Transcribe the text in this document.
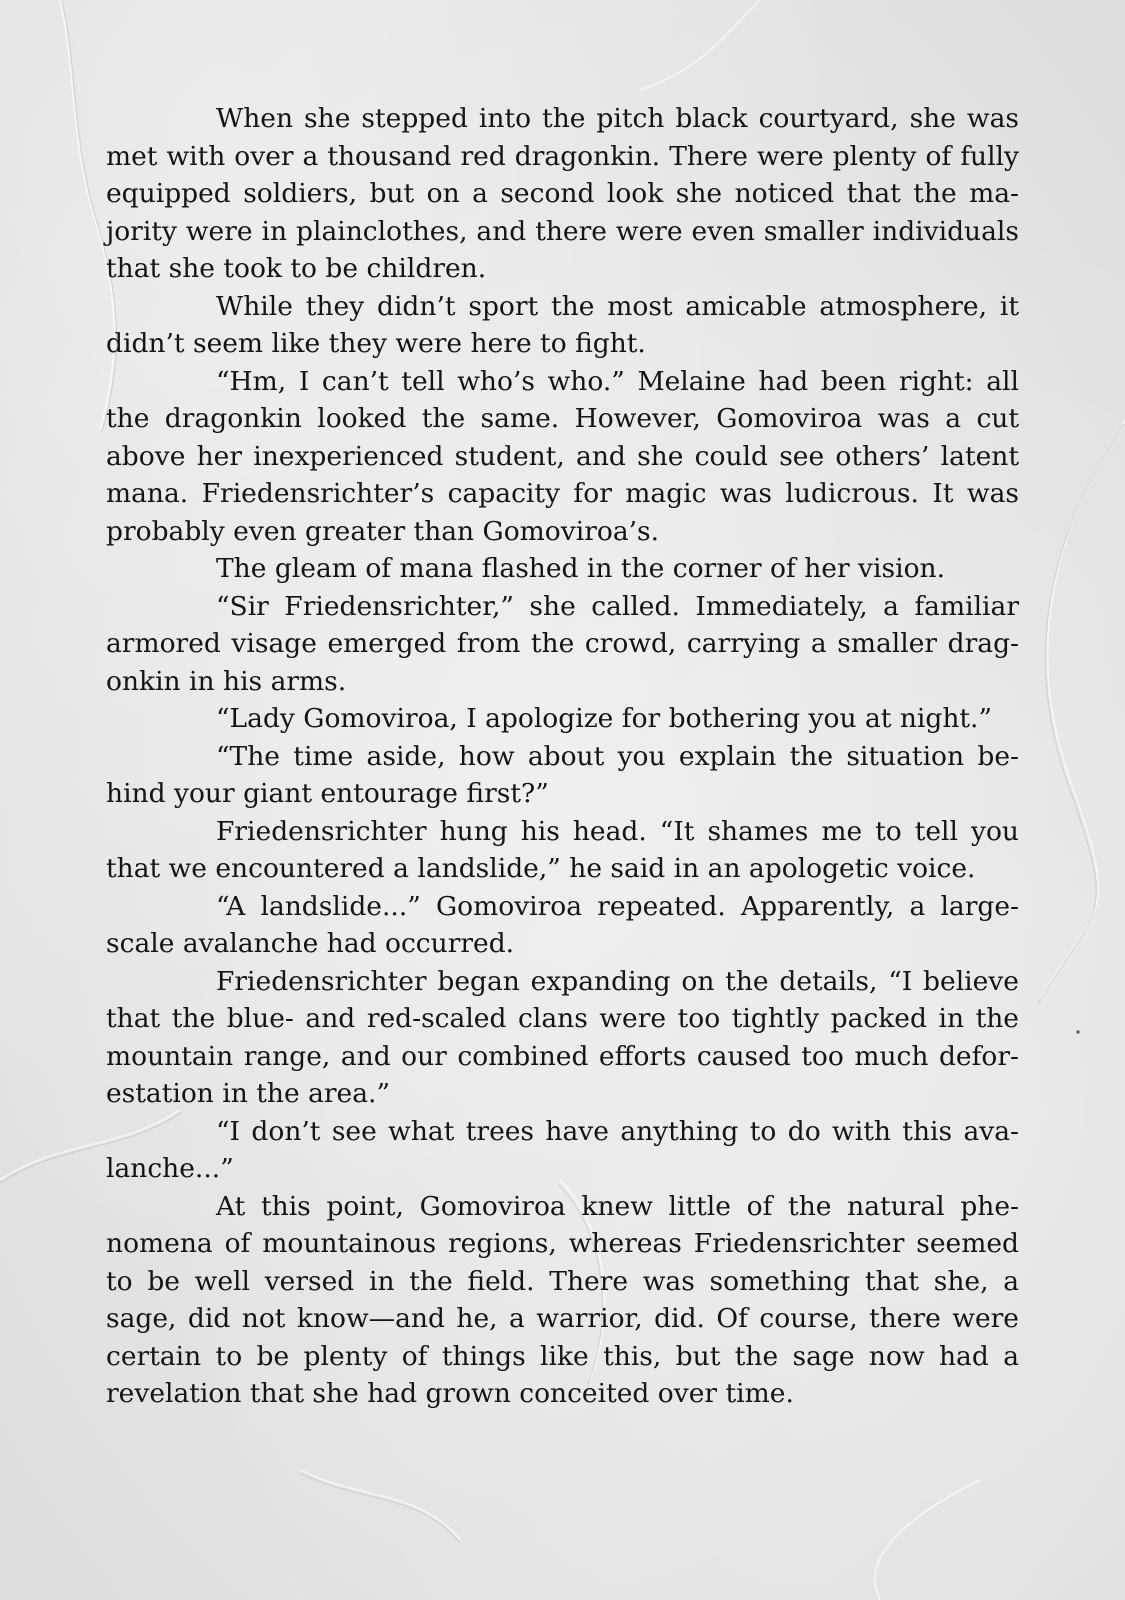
When she stepped into the pitch black courtyard, she was met with over a thousand red dragonkin. There were plenty of fully equipped soldiers, but on a second look she noticed that the majority were in plainclothes, and there were even smaller individuals that she took to be children.

While they didn’t sport the most amicable atmosphere, it didn’t seem like they were here to fight.

“Hm, I can’t tell who’s who.” Melaine had been right: all the dragonkin looked the same. However, Gomoviroa was a cut above her inexperienced student, and she could see others’ latent mana. Friedensrichter’s capacity for magic was ludicrous. It was probably even greater than Gomoviroa’s.

The gleam of mana flashed in the corner of her vision.

“Sir Friedensrichter,” she called. Immediately, a familiar armored visage emerged from the crowd, carrying a smaller dragonkin in his arms.

“Lady Gomoviroa, I apologize for bothering you at night.”

“The time aside, how about you explain the situation behind your giant entourage first?”

Friedensrichter hung his head. “It shames me to tell you that we encountered a landslide,” he said in an apologetic voice.

“A landslide...” Gomoviroa repeated. Apparently, a large-scale avalanche had occurred.

Friedensrichter began expanding on the details, “I believe that the blue- and red-scaled clans were too tightly packed in the mountain range, and our combined efforts caused too much deforestation in the area.”

“I don’t see what trees have anything to do with this avalanche...”

At this point, Gomoviroa knew little of the natural phenomena of mountainous regions, whereas Friedensrichter seemed to be well versed in the field. There was something that she, a sage, did not know—and he, a warrior, did. Of course, there were certain to be plenty of things like this, but the sage now had a revelation that she had grown conceited over time.
